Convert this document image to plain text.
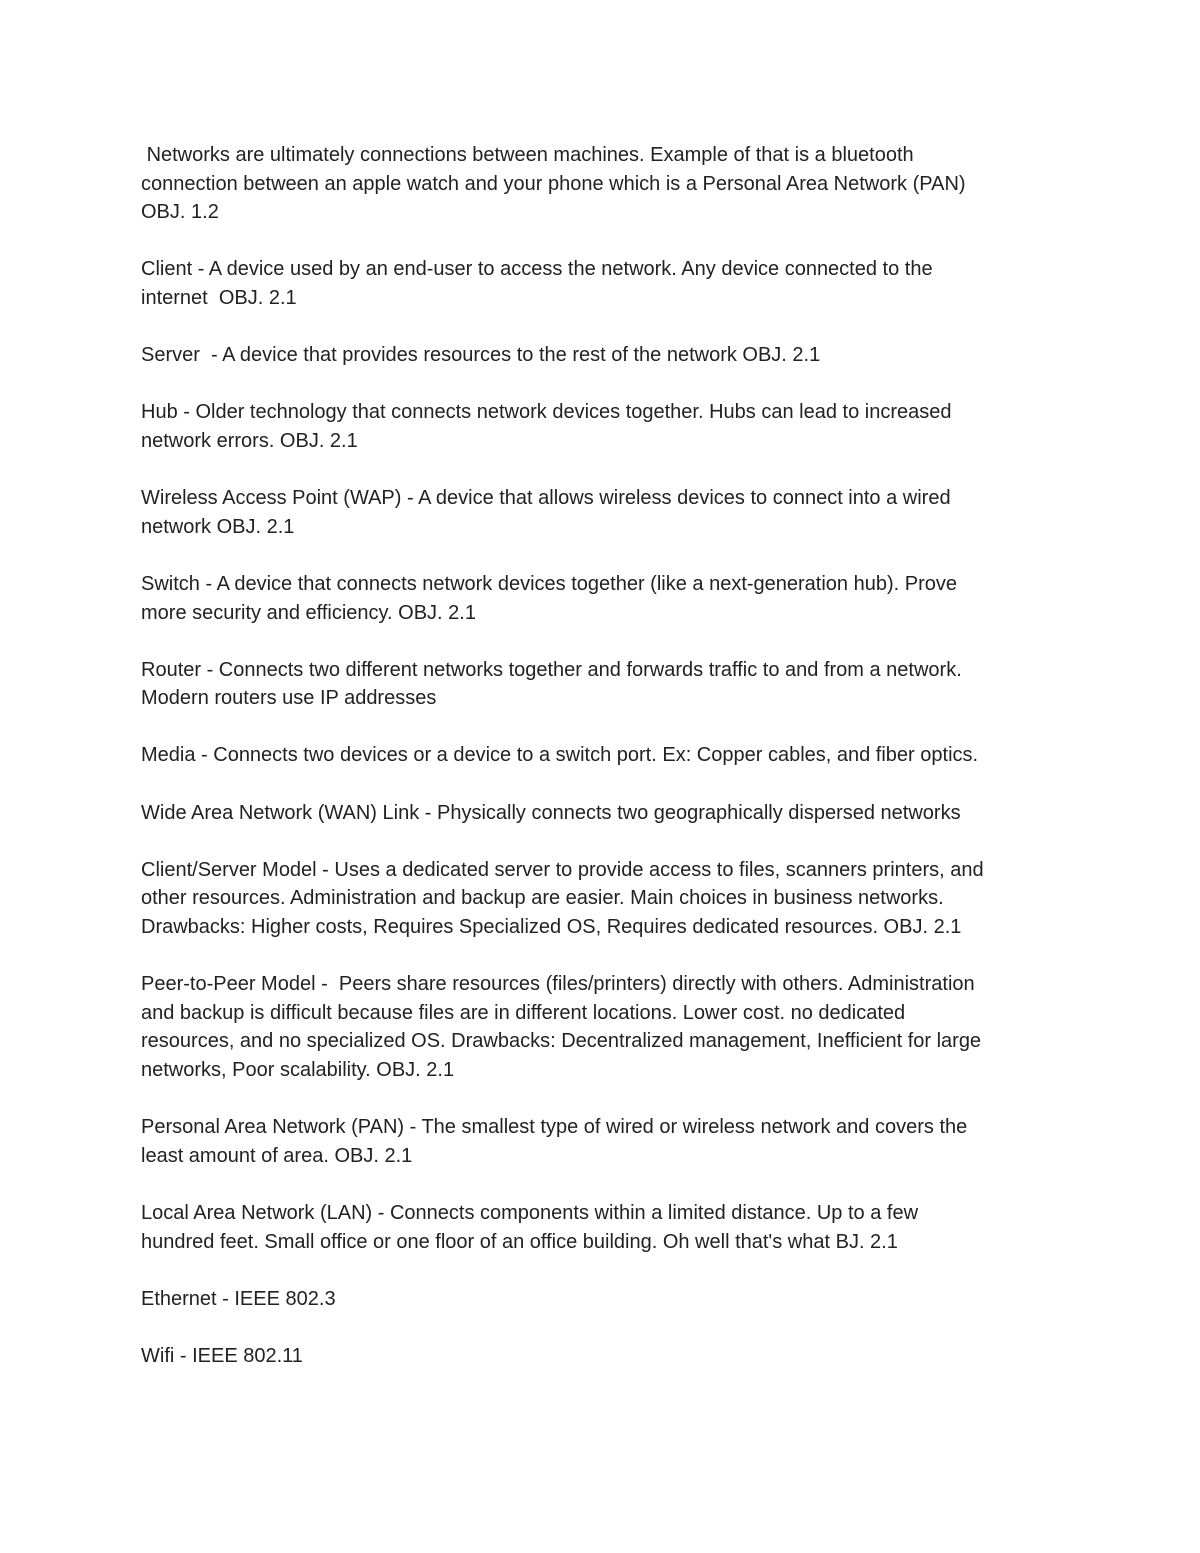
Networks are ultimately connections between machines. Example of that is a bluetooth
connection between an apple watch and your phone which is a Personal Area Network (PAN)
OBJ. 1.2

Client - A device used by an end-user to access the network. Any device connected to the
internet  OBJ. 2.1

Server  - A device that provides resources to the rest of the network OBJ. 2.1

Hub - Older technology that connects network devices together. Hubs can lead to increased
network errors. OBJ. 2.1

Wireless Access Point (WAP) - A device that allows wireless devices to connect into a wired
network OBJ. 2.1

Switch - A device that connects network devices together (like a next-generation hub). Prove
more security and efficiency. OBJ. 2.1

Router - Connects two different networks together and forwards traffic to and from a network.
Modern routers use IP addresses

Media - Connects two devices or a device to a switch port. Ex: Copper cables, and fiber optics.

Wide Area Network (WAN) Link - Physically connects two geographically dispersed networks

Client/Server Model - Uses a dedicated server to provide access to files, scanners printers, and
other resources. Administration and backup are easier. Main choices in business networks.
Drawbacks: Higher costs, Requires Specialized OS, Requires dedicated resources. OBJ. 2.1

Peer-to-Peer Model -  Peers share resources (files/printers) directly with others. Administration
and backup is difficult because files are in different locations. Lower cost. no dedicated
resources, and no specialized OS. Drawbacks: Decentralized management, Inefficient for large
networks, Poor scalability. OBJ. 2.1

Personal Area Network (PAN) - The smallest type of wired or wireless network and covers the
least amount of area. OBJ. 2.1

Local Area Network (LAN) - Connects components within a limited distance. Up to a few
hundred feet. Small office or one floor of an office building. Oh well that's what BJ. 2.1

Ethernet - IEEE 802.3

Wifi - IEEE 802.11
